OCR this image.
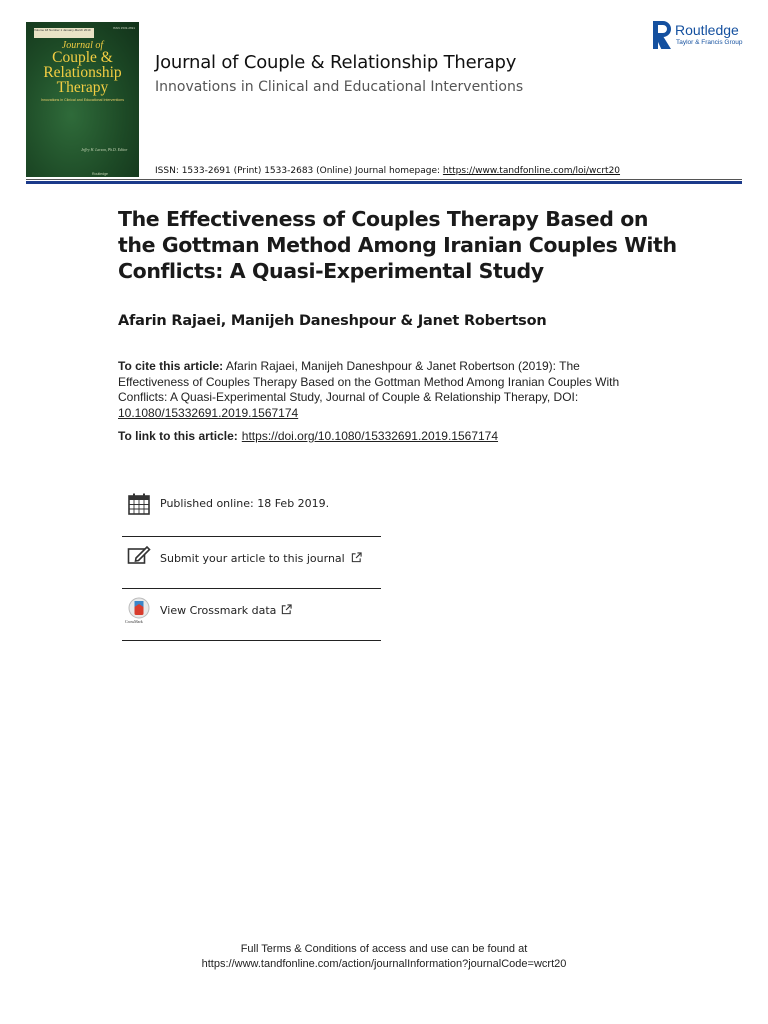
Volume 18 Number 1 January-March 2019	ISSN 1533-2691
Journal of
Couple & Relationship Therapy
Innovations in Clinical and Educational Interventions
Jeffry H. Larson, Ph.D. Editor
Routledge
Journal of Couple & Relationship Therapy
Innovations in Clinical and Educational Interventions
Routledge
Taylor & Francis Group
ISSN: 1533-2691 (Print) 1533-2683 (Online) Journal homepage: https://www.tandfonline.com/loi/wcrt20
The Effectiveness of Couples Therapy Based on the Gottman Method Among Iranian Couples With Conflicts: A Quasi-Experimental Study
Afarin Rajaei, Manijeh Daneshpour & Janet Robertson
To cite this article: Afarin Rajaei, Manijeh Daneshpour & Janet Robertson (2019): The Effectiveness of Couples Therapy Based on the Gottman Method Among Iranian Couples With Conflicts: A Quasi-Experimental Study, Journal of Couple & Relationship Therapy, DOI: 10.1080/15332691.2019.1567174
To link to this article: https://doi.org/10.1080/15332691.2019.1567174
Published online: 18 Feb 2019.
Submit your article to this journal
CrossMark
View Crossmark data
Full Terms & Conditions of access and use can be found at
https://www.tandfonline.com/action/journalInformation?journalCode=wcrt20
